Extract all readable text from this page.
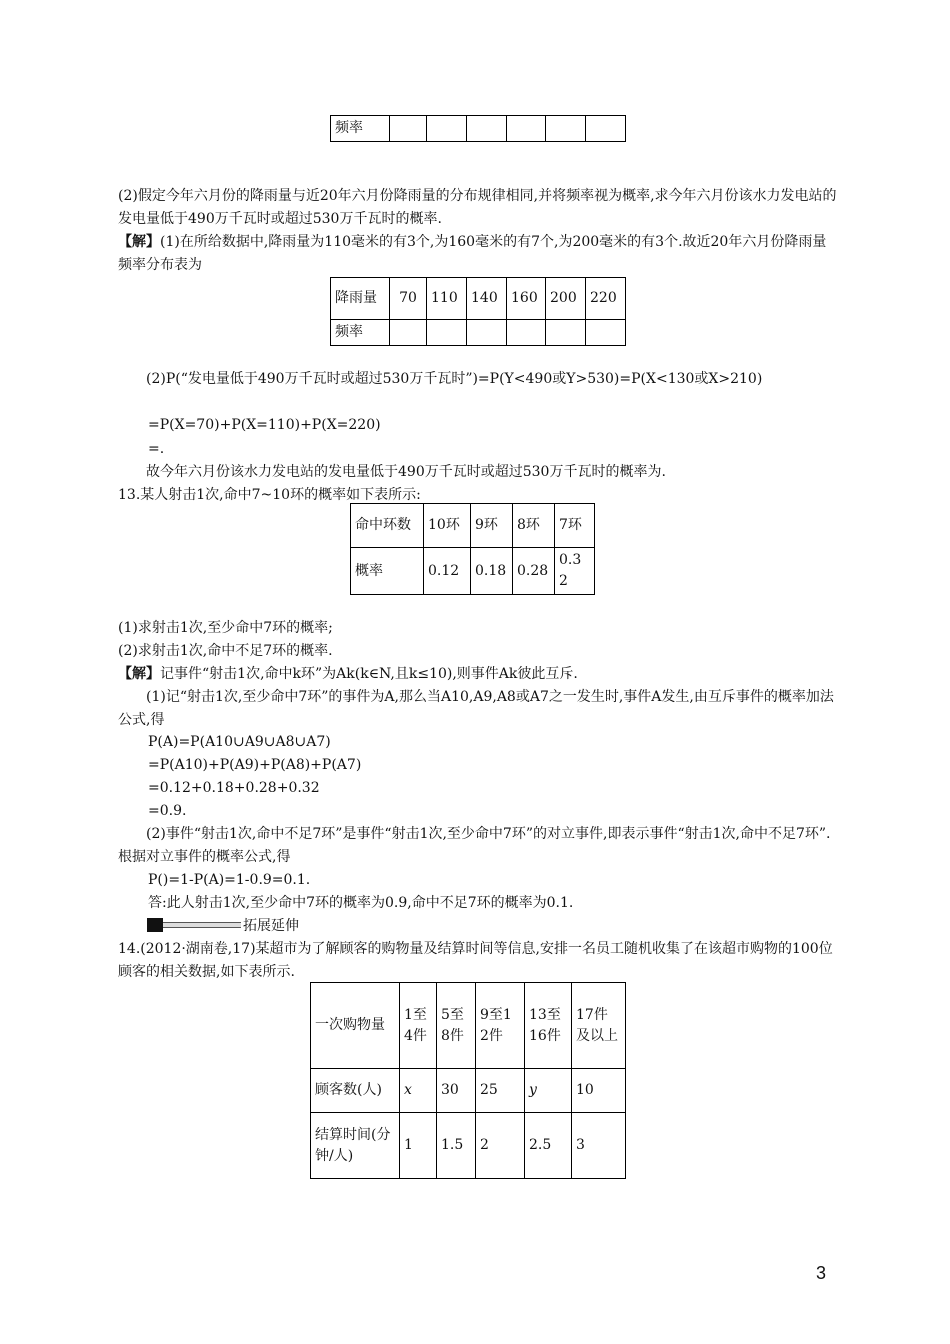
频率						
(2)假定今年六月份的降雨量与近20年六月份降雨量的分布规律相同,并将频率视为概率,求今年六月份该水力发电站的发电量低于490万千瓦时或超过530万千瓦时的概率.
【解】(1)在所给数据中,降雨量为110毫米的有3个,为160毫米的有7个,为200毫米的有3个.故近20年六月份降雨量频率分布表为
降雨量	70	110	140	160	200	220
频率						
(2)P(“发电量低于490万千瓦时或超过530万千瓦时”)=P(Y<490或Y>530)=P(X<130或X>210)
=P(X=70)+P(X=110)+P(X=220)
=.
故今年六月份该水力发电站的发电量低于490万千瓦时或超过530万千瓦时的概率为.
13.某人射击1次,命中7~10环的概率如下表所示:
命中环数	10环	9环	8环	7环
概率	0.12	0.18	0.28	0.32
(1)求射击1次,至少命中7环的概率;
(2)求射击1次,命中不足7环的概率.
【解】记事件“射击1次,命中k环”为Ak(k∈N,且k≤10),则事件Ak彼此互斥.
(1)记“射击1次,至少命中7环”的事件为A,那么当A10,A9,A8或A7之一发生时,事件A发生,由互斥事件的概率加法公式,得
P(A)=P(A10∪A9∪A8∪A7)
=P(A10)+P(A9)+P(A8)+P(A7)
=0.12+0.18+0.28+0.32
=0.9.
(2)事件“射击1次,命中不足7环”是事件“射击1次,至少命中7环”的对立事件,即表示事件“射击1次,命中不足7环”.根据对立事件的概率公式,得
P()=1-P(A)=1-0.9=0.1.
答:此人射击1次,至少命中7环的概率为0.9,命中不足7环的概率为0.1.
拓展延伸
14.(2012·湖南卷,17)某超市为了解顾客的购物量及结算时间等信息,安排一名员工随机收集了在该超市购物的100位顾客的相关数据,如下表所示.
一次购物量	1至4件	5至8件	9至12件	13至16件	17件及以上
顾客数(人)	x	30	25	y	10
结算时间(分钟/人)	1	1.5	2	2.5	3
3
